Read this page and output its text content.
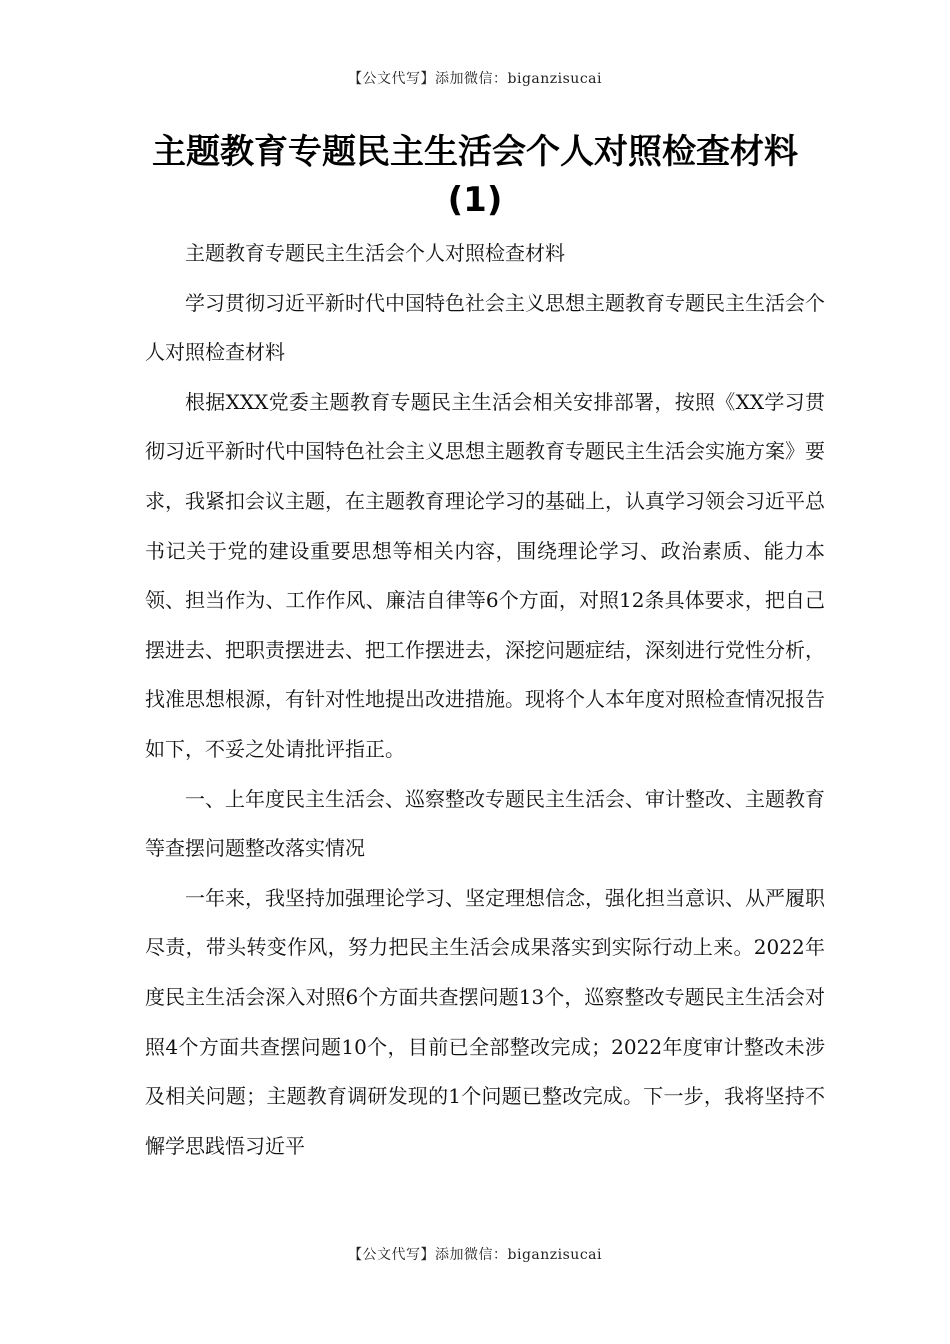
【公文代写】添加微信：biganzisucai
主题教育专题民主生活会个人对照检查材料(1)

主题教育专题民主生活会个人对照检查材料

学习贯彻习近平新时代中国特色社会主义思想主题教育专题民主生活会个人对照检查材料

根据XXX党委主题教育专题民主生活会相关安排部署，按照《XX学习贯彻习近平新时代中国特色社会主义思想主题教育专题民主生活会实施方案》要求，我紧扣会议主题，在主题教育理论学习的基础上，认真学习领会习近平总书记关于党的建设重要思想等相关内容，围绕理论学习、政治素质、能力本领、担当作为、工作作风、廉洁自律等6个方面，对照12条具体要求，把自己摆进去、把职责摆进去、把工作摆进去，深挖问题症结，深刻进行党性分析，找准思想根源，有针对性地提出改进措施。现将个人本年度对照检查情况报告如下，不妥之处请批评指正。

一、上年度民主生活会、巡察整改专题民主生活会、审计整改、主题教育等查摆问题整改落实情况

一年来，我坚持加强理论学习、坚定理想信念，强化担当意识、从严履职尽责，带头转变作风，努力把民主生活会成果落实到实际行动上来。2022年度民主生活会深入对照6个方面共查摆问题13个，巡察整改专题民主生活会对照4个方面共查摆问题10个，目前已全部整改完成；2022年度审计整改未涉及相关问题；主题教育调研发现的1个问题已整改完成。下一步，我将坚持不懈学思践悟习近平

【公文代写】添加微信：biganzisucai
